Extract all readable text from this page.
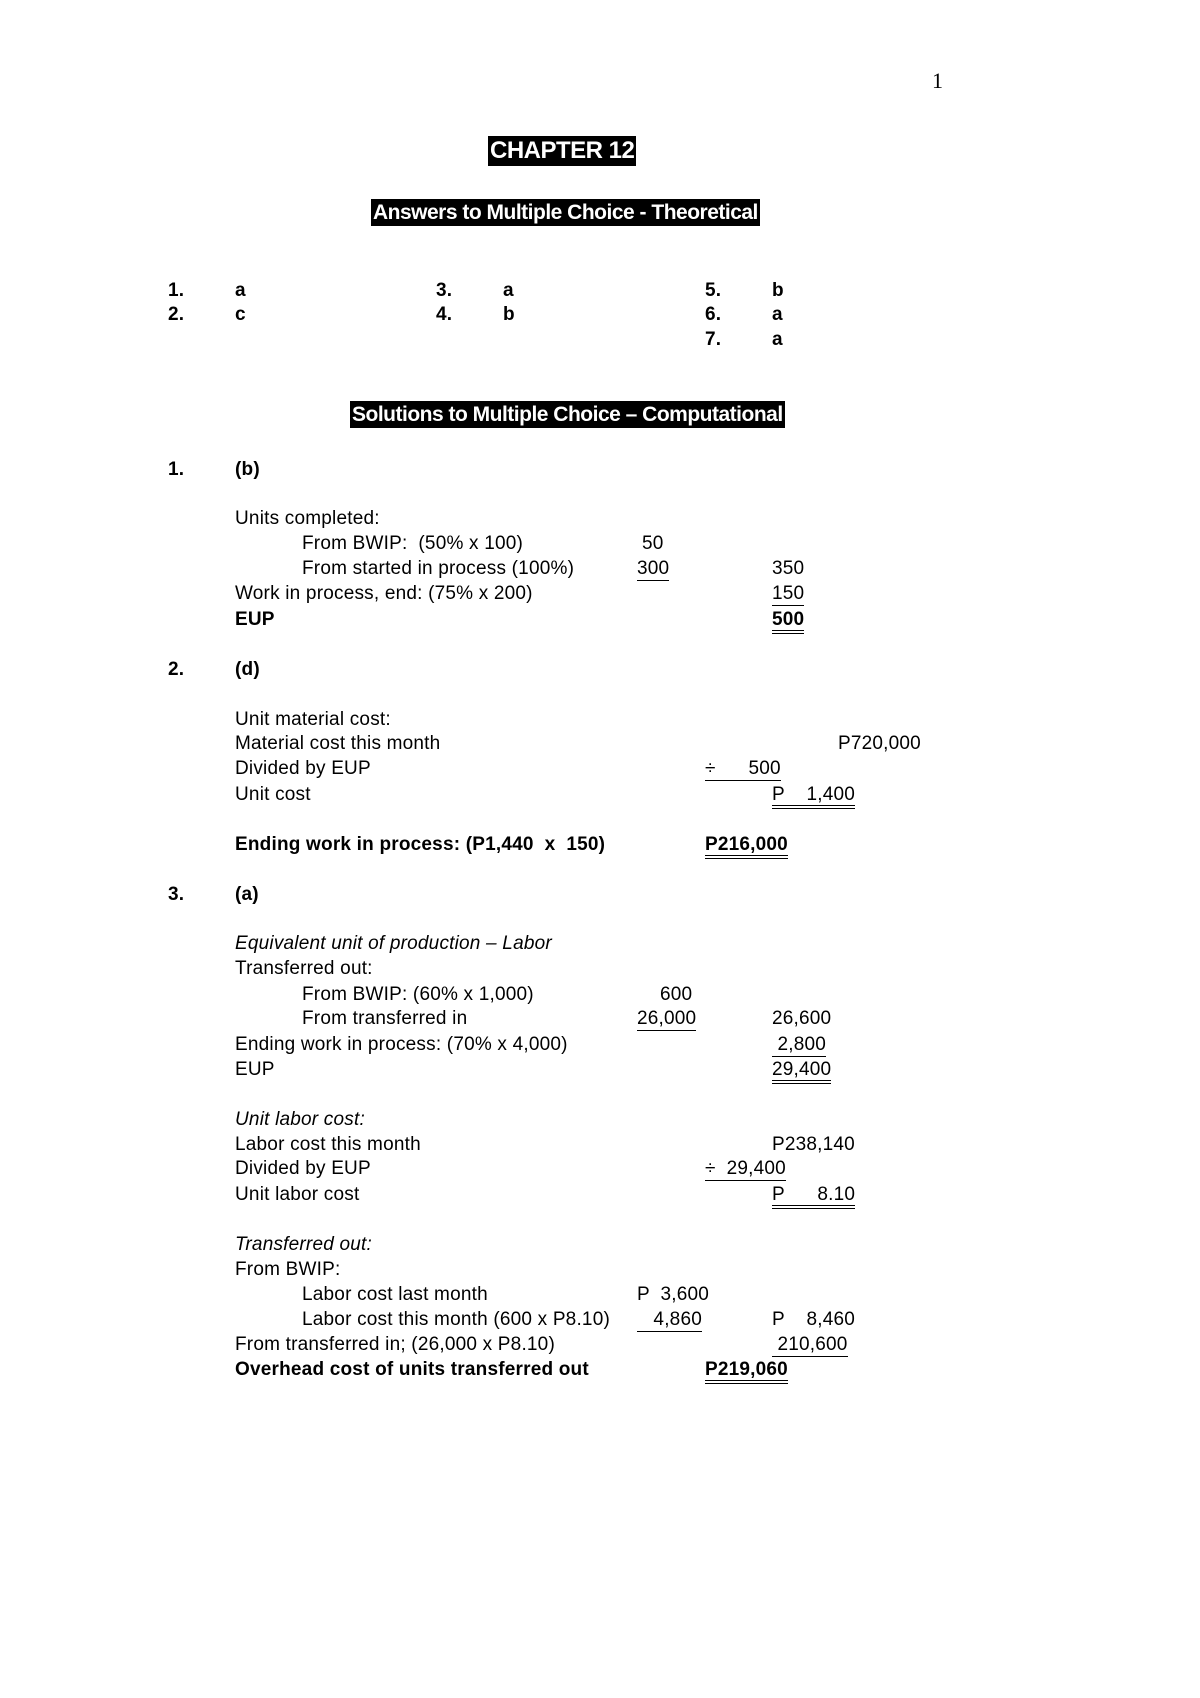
1
CHAPTER 12
Answers to Multiple Choice - Theoretical
1.	a
2.	c
3.	a
4.	b
5.	b
6.	a
7.	a
Solutions to Multiple Choice – Computational
1.	(b)
Units completed:
From BWIP:  (50% x 100)	50
From started in process (100%)	300	350
Work in process, end: (75% x 200)	150
EUP	500
2.	(d)
Unit material cost:
Material cost this month	P720,000
Divided by EUP	÷      500
Unit cost	P    1,400
Ending work in process: (P1,440  x  150)	P216,000
3.	(a)
Equivalent unit of production – Labor
Transferred out:
From BWIP: (60% x 1,000)	600
From transferred in	26,000	26,600
Ending work in process: (70% x 4,000)	2,800
EUP	29,400
Unit labor cost:
Labor cost this month	P238,140
Divided by EUP	÷  29,400
Unit labor cost	P      8.10
Transferred out:
From BWIP:
Labor cost last month	P  3,600
Labor cost this month (600 x P8.10) 4,860	P    8,460
From transferred in; (26,000 x P8.10)	210,600
Overhead cost of units transferred out	P219,060
